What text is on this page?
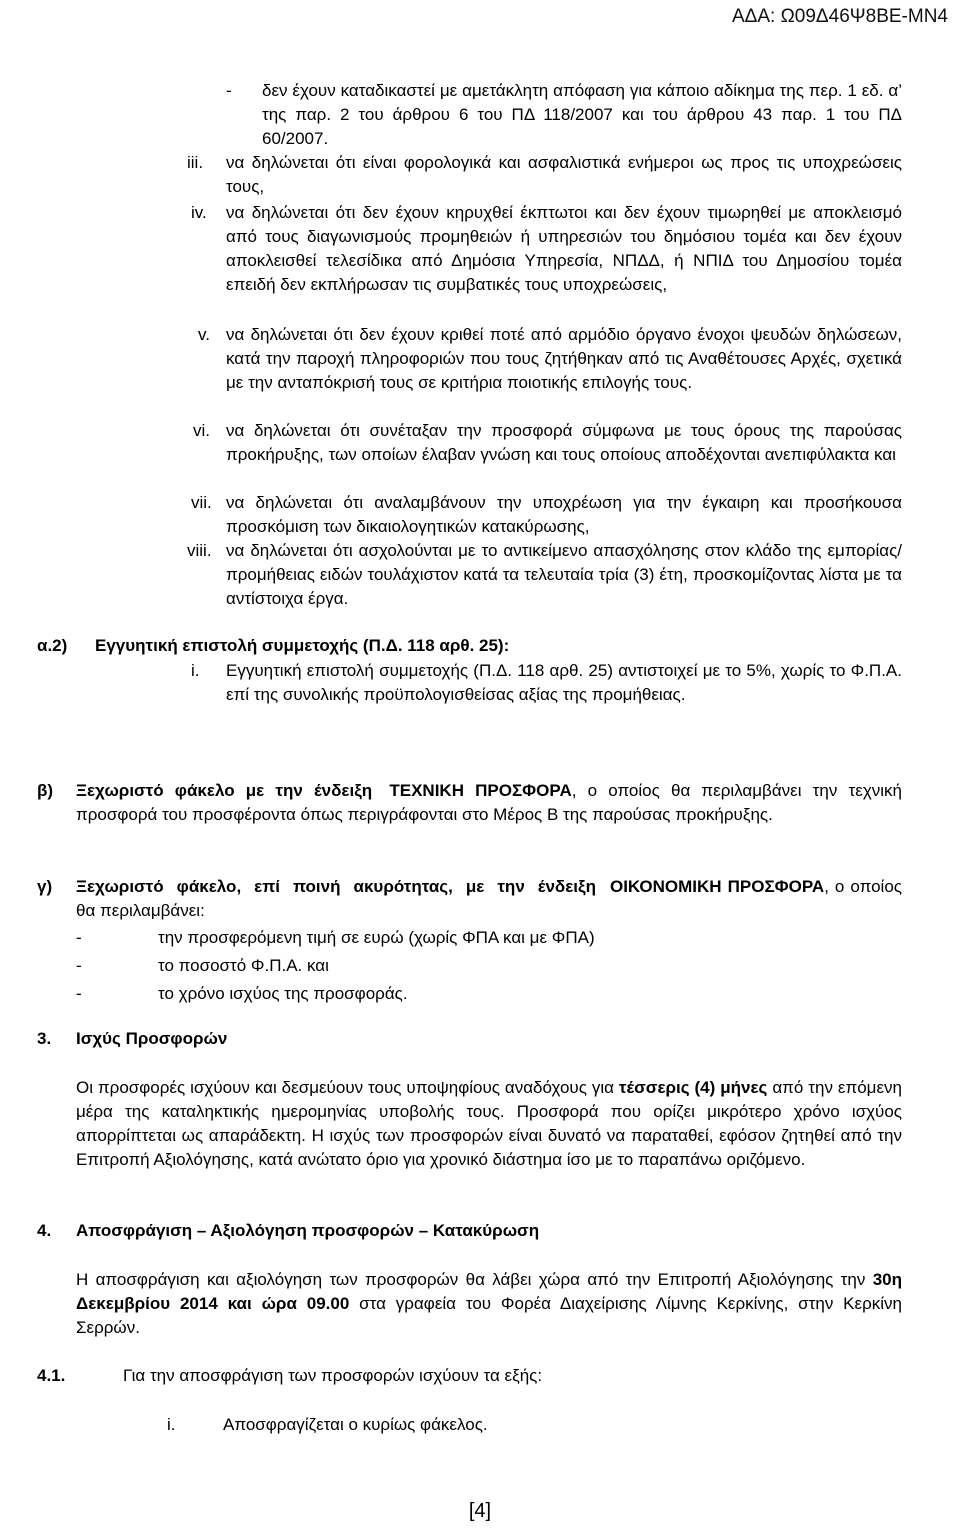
ΑΔΑ: Ω09Δ46Ψ8ΒΕ-ΜΝ4
- δεν έχουν καταδικαστεί με αμετάκλητη απόφαση για κάποιο αδίκημα της περ. 1 εδ. α’ της παρ. 2 του άρθρου 6 του ΠΔ 118/2007 και του άρθρου 43 παρ. 1 του ΠΔ 60/2007.

iii. να δηλώνεται ότι είναι φορολογικά και ασφαλιστικά ενήμεροι ως προς τις υποχρεώσεις τους,

iv. να δηλώνεται ότι δεν έχουν κηρυχθεί έκπτωτοι και δεν έχουν τιμωρηθεί με αποκλεισμό από τους διαγωνισμούς προμηθειών ή υπηρεσιών του δημόσιου τομέα και δεν έχουν αποκλεισθεί τελεσίδικα από Δημόσια Υπηρεσία, ΝΠΔΔ, ή ΝΠΙΔ του Δημοσίου τομέα επειδή δεν εκπλήρωσαν τις συμβατικές τους υποχρεώσεις,

v. να δηλώνεται ότι δεν έχουν κριθεί ποτέ από αρμόδιο όργανο ένοχοι ψευδών δηλώσεων, κατά την παροχή πληροφοριών που τους ζητήθηκαν από τις Αναθέτουσες Αρχές, σχετικά με την ανταπόκρισή τους σε κριτήρια ποιοτικής επιλογής τους.

vi. να δηλώνεται ότι συνέταξαν την προσφορά σύμφωνα με τους όρους της παρούσας προκήρυξης, των οποίων έλαβαν γνώση και τους οποίους αποδέχονται ανεπιφύλακτα και

vii. να δηλώνεται ότι αναλαμβάνουν την υποχρέωση για την έγκαιρη και προσήκουσα προσκόμιση των δικαιολογητικών κατακύρωσης,

viii. να δηλώνεται ότι ασχολούνται με το αντικείμενο απασχόλησης στον κλάδο της εμπορίας/προμήθειας ειδών τουλάχιστον κατά τα τελευταία τρία (3) έτη, προσκομίζοντας λίστα με τα αντίστοιχα έργα.

α.2) Εγγυητική επιστολή συμμετοχής (Π.Δ. 118 αρθ. 25):
i. Εγγυητική επιστολή συμμετοχής (Π.Δ. 118 αρθ. 25) αντιστοιχεί με το 5%, χωρίς το Φ.Π.Α. επί της συνολικής προϋπολογισθείσας αξίας της προμήθειας.

β) Ξεχωριστό φάκελο με την ένδειξη ΤΕΧΝΙΚΗ ΠΡΟΣΦΟΡΑ, ο οποίος θα περιλαμβάνει την τεχνική προσφορά του προσφέροντα όπως περιγράφονται στο Μέρος Β της παρούσας προκήρυξης.

γ) Ξεχωριστό φάκελο, επί ποινή ακυρότητας, με την ένδειξη ΟΙΚΟΝΟΜΙΚΗ ΠΡΟΣΦΟΡΑ, ο οποίος θα περιλαμβάνει:

-	την προσφερόμενη τιμή σε ευρώ (χωρίς ΦΠΑ και με ΦΠΑ)
-	το ποσοστό Φ.Π.Α. και
-	το χρόνο ισχύος της προσφοράς.
3. Ισχύς Προσφορών

Οι προσφορές ισχύουν και δεσμεύουν τους υποψηφίους αναδόχους για τέσσερις (4) μήνες από την επόμενη μέρα της καταληκτικής ημερομηνίας υποβολής τους. Προσφορά που ορίζει μικρότερο χρόνο ισχύος απορρίπτεται ως απαράδεκτη. Η ισχύς των προσφορών είναι δυνατό να παραταθεί, εφόσον ζητηθεί από την Επιτροπή Αξιολόγησης, κατά ανώτατο όριο για χρονικό διάστημα ίσο με το παραπάνω οριζόμενο.

4. Αποσφράγιση – Αξιολόγηση προσφορών – Κατακύρωση

Η αποσφράγιση και αξιολόγηση των προσφορών θα λάβει χώρα από την Επιτροπή Αξιολόγησης την 30η Δεκεμβρίου 2014 και ώρα 09.00 στα γραφεία του Φορέα Διαχείρισης Λίμνης Κερκίνης, στην Κερκίνη Σερρών.

4.1.	Για την αποσφράγιση των προσφορών ισχύουν τα εξής:
i.	Αποσφραγίζεται ο κυρίως φάκελος.
[4]
